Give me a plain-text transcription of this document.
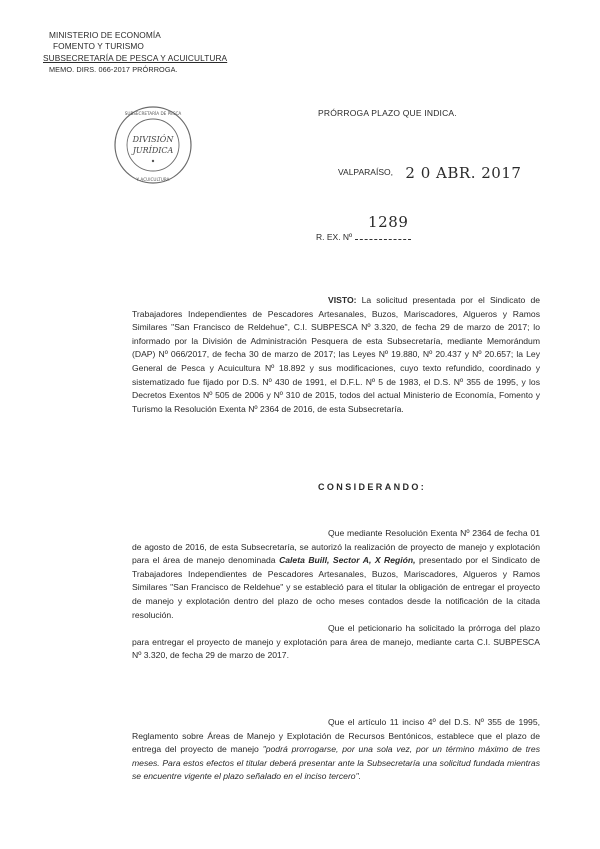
MINISTERIO DE ECONOMÍA
FOMENTO Y TURISMO
SUBSECRETARÍA DE PESCA Y ACUICULTURA
MEMO. DIRS. 066-2017 PRÓRROGA.
SUBSECRETARÍA DE PESCA
Y ACUICULTURA
DIVISIÓN
JURÍDICA
PRÓRROGA PLAZO QUE INDICA.
VALPARAÍSO, 2 0 ABR. 2017
1289
R. EX. Nº

VISTO: La solicitud presentada por el Sindicato de Trabajadores Independientes de Pescadores Artesanales, Buzos, Mariscadores, Algueros y Ramos Similares "San Francisco de Reldehue", C.I. SUBPESCA Nº 3.320, de fecha 29 de marzo de 2017; lo informado por la División de Administración Pesquera de esta Subsecretaría, mediante Memorándum (DAP) Nº 066/2017, de fecha 30 de marzo de 2017; las Leyes Nº 19.880, Nº 20.437 y Nº 20.657; la Ley General de Pesca y Acuicultura Nº 18.892 y sus modificaciones, cuyo texto refundido, coordinado y sistematizado fue fijado por D.S. Nº 430 de 1991, el D.F.L. Nº 5 de 1983, el D.S. Nº 355 de 1995, y los Decretos Exentos Nº 505 de 2006 y Nº 310 de 2015, todos del actual Ministerio de Economía, Fomento y Turismo la Resolución Exenta Nº 2364 de 2016, de esta Subsecretaría.

CONSIDERANDO:

Que mediante Resolución Exenta Nº 2364 de fecha 01 de agosto de 2016, de esta Subsecretaría, se autorizó la realización de proyecto de manejo y explotación para el área de manejo denominada Caleta Buill, Sector A, X Región, presentado por el Sindicato de Trabajadores Independientes de Pescadores Artesanales, Buzos, Mariscadores, Algueros y Ramos Similares "San Francisco de Reldehue" y se estableció para el titular la obligación de entregar el proyecto de manejo y explotación dentro del plazo de ocho meses contados desde la notificación de la citada resolución.

Que el peticionario ha solicitado la prórroga del plazo para entregar el proyecto de manejo y explotación para área de manejo, mediante carta C.I. SUBPESCA Nº 3.320, de fecha 29 de marzo de 2017.

Que el artículo 11 inciso 4º del D.S. Nº 355 de 1995, Reglamento sobre Áreas de Manejo y Explotación de Recursos Bentónicos, establece que el plazo de entrega del proyecto de manejo "podrá prorrogarse, por una sola vez, por un término máximo de tres meses. Para estos efectos el titular deberá presentar ante la Subsecretaría una solicitud fundada mientras se encuentre vigente el plazo señalado en el inciso tercero".
